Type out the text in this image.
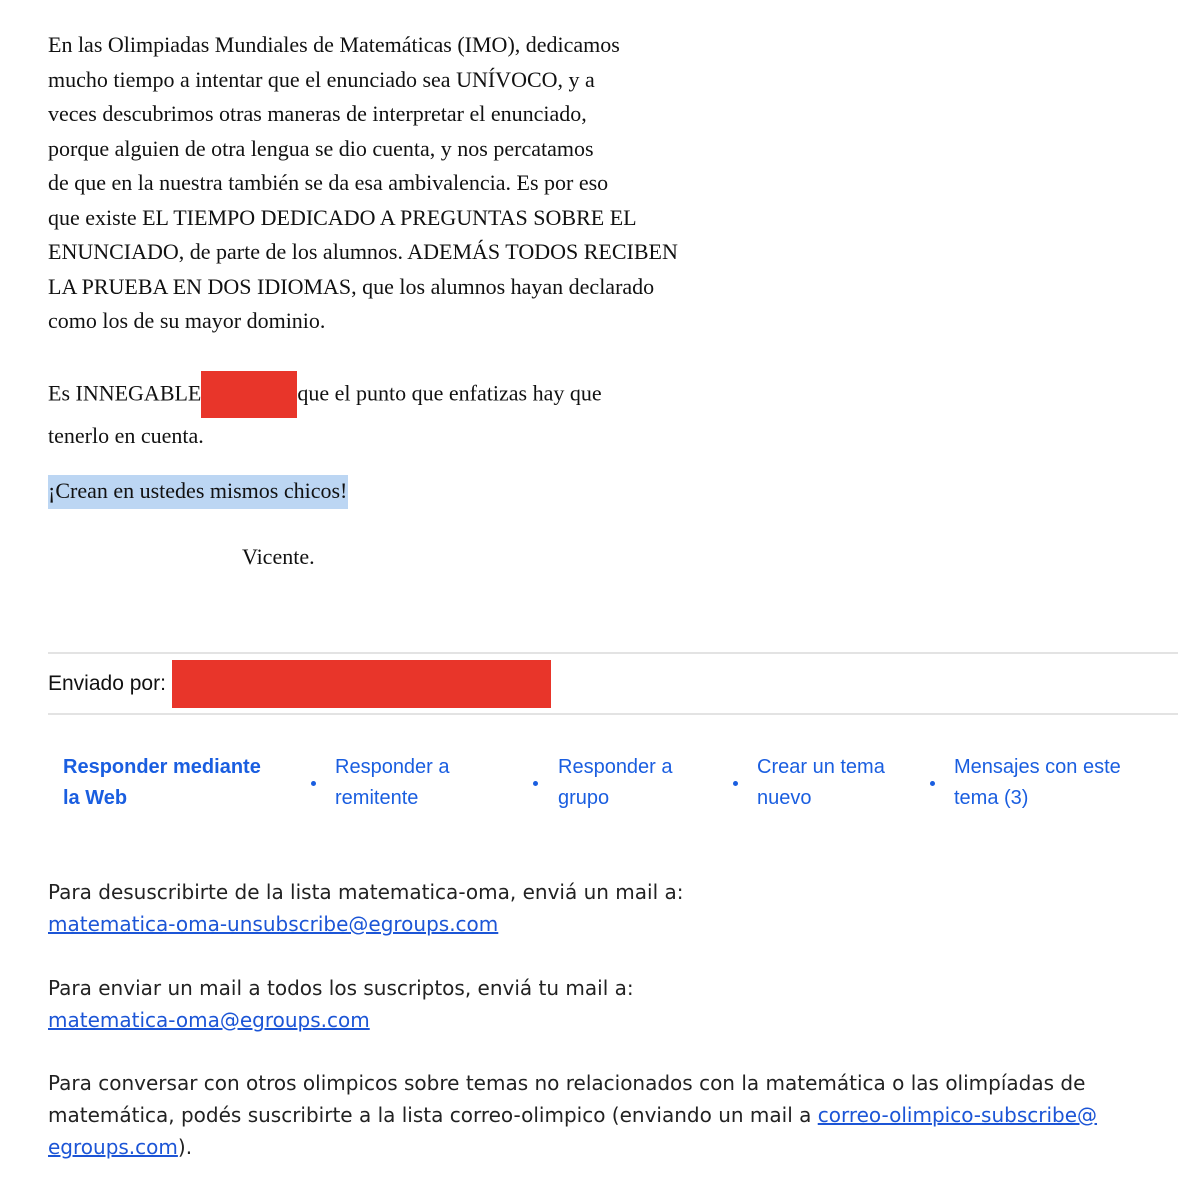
En las Olimpiadas Mundiales de Matemáticas (IMO), dedicamos
mucho tiempo a intentar que el enunciado sea UNÍVOCO, y a
veces descubrimos otras maneras de interpretar el enunciado,
porque alguien de otra lengua se dio cuenta, y nos percatamos
de que en la nuestra también se da esa ambivalencia. Es por eso
que existe EL TIEMPO DEDICADO A PREGUNTAS SOBRE EL
ENUNCIADO, de parte de los alumnos. ADEMÁS TODOS RECIBEN
LA PRUEBA EN DOS IDIOMAS, que los alumnos hayan declarado
como los de su mayor dominio.
Es INNEGABLE	que el punto que enfatizas hay que
tenerlo en cuenta.
¡Crean en ustedes mismos chicos!
Vicente.
Enviado por:
Responder mediante
la Web
Responder a
remitente
Responder a
grupo
Crear un tema
nuevo
Mensajes con este
tema (3)
Para desuscribirte de la lista matematica-oma, enviá un mail a:
matematica-oma-unsubscribe@egroups.com
Para enviar un mail a todos los suscriptos, enviá tu mail a:
matematica-oma@egroups.com
Para conversar con otros olimpicos sobre temas no relacionados con la matemática o las olimpíadas de
matemática, podés suscribirte a la lista correo-olimpico (enviando un mail a correo-olimpico-subscribe@
egroups.com).
